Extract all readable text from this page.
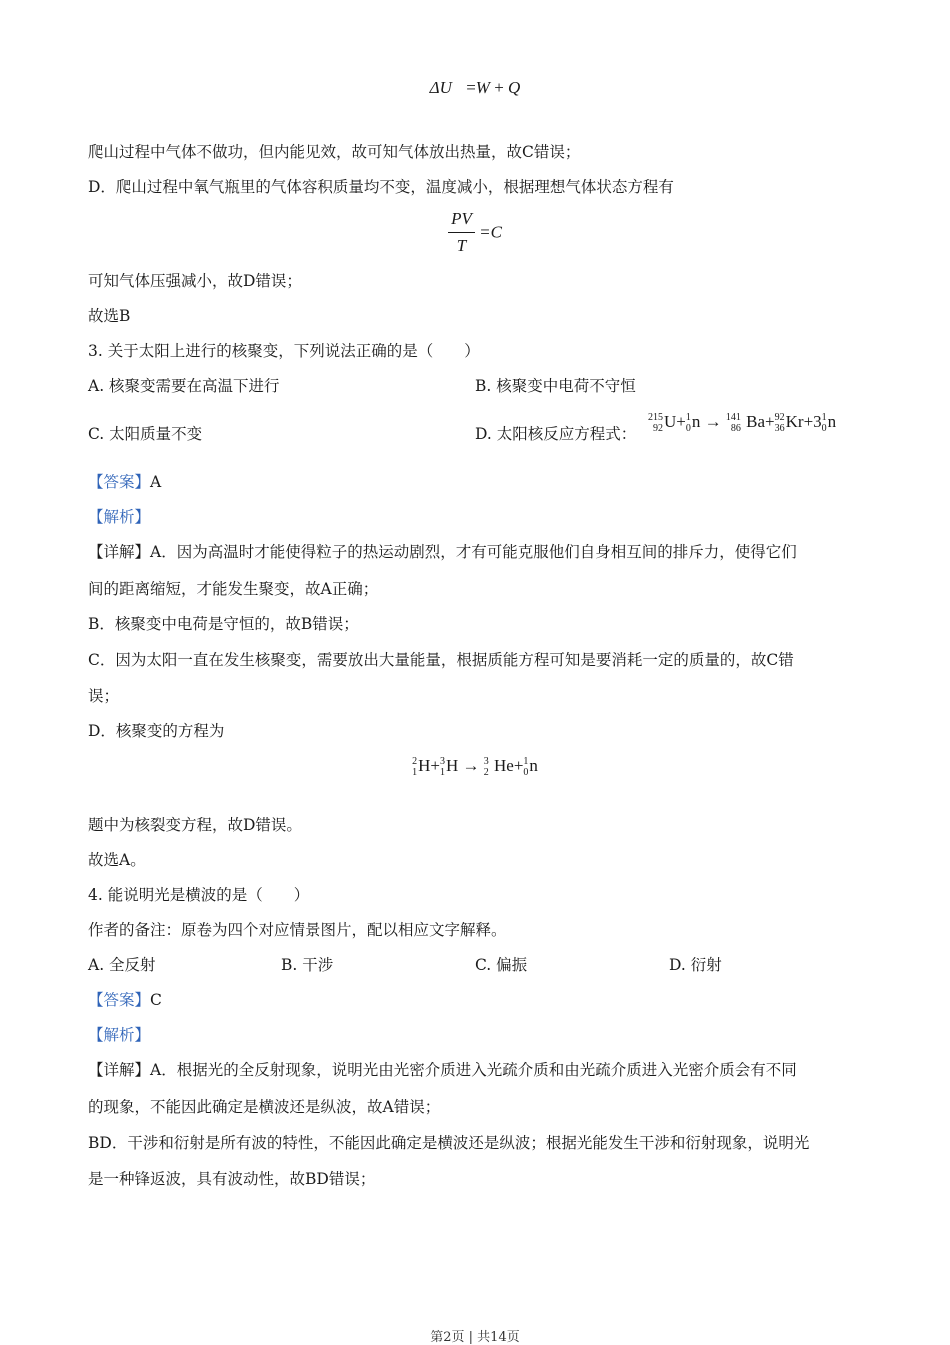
ΔU =W + Q
爬山过程中气体不做功，但内能见效，故可知气体放出热量，故C错误；
D．爬山过程中氧气瓶里的气体容积质量均不变，温度减小，根据理想气体状态方程有
$\frac{PV}{T} =C$
可知气体压强减小，故D错误；
故选B
3. 关于太阳上进行的核聚变，下列说法正确的是（　　）
A. 核聚变需要在高温下进行	B. 核聚变中电荷不守恒
C. 太阳质量不变	D. 太阳核反应方程式：
215
92 U+ 1
0 n → 141
86 Ba+ 92
36 Kr+3 1
0 n
【答案】A
【解析】
【详解】A．因为高温时才能使得粒子的热运动剧烈，才有可能克服他们自身相互间的排斥力，使得它们
间的距离缩短，才能发生聚变，故A正确；
B．核聚变中电荷是守恒的，故B错误；
C．因为太阳一直在发生核聚变，需要放出大量能量，根据质能方程可知是要消耗一定的质量的，故C错
误；
D．核聚变的方程为
2
1 H+ 3
1 H → 3
2 He+ 1
0 n
题中为核裂变方程，故D错误。
故选A。
4. 能说明光是横波的是（　　）
作者的备注：原卷为四个对应情景图片，配以相应文字解释。
A. 全反射	B. 干涉	C. 偏振	D. 衍射
【答案】C
【解析】
【详解】A．根据光的全反射现象，说明光由光密介质进入光疏介质和由光疏介质进入光密介质会有不同
的现象，不能因此确定是横波还是纵波，故A错误；
BD．干涉和衍射是所有波的特性，不能因此确定是横波还是纵波；根据光能发生干涉和衍射现象，说明光
是一种锋返波，具有波动性，故BD错误；
第2页 | 共14页
